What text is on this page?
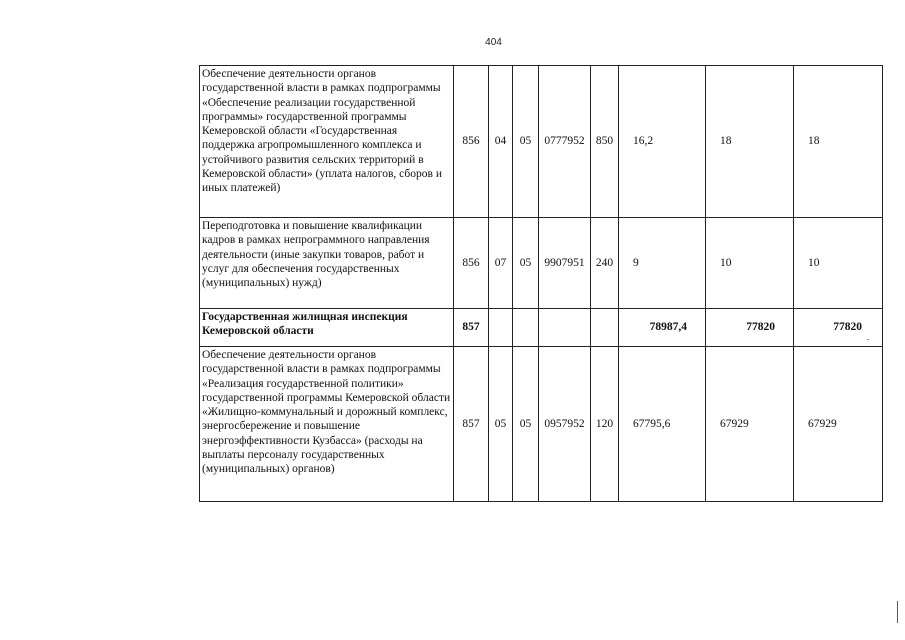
404
Обеспечение деятельности органов государственной власти в рамках подпрограммы «Обеспечение реализации государственной программы» государственной программы Кемеровской области «Государственная поддержка агропромышленного комплекса и устойчивого развития сельских территорий в Кемеровской области» (уплата налогов, сборов и иных платежей)	856	04	05	0777952	850	16,2	18	18
Переподготовка и повышение квалификации кадров в рамках непрограммного направления деятельности (иные закупки товаров, работ и услуг для обеспечения государственных (муниципальных) нужд)	856	07	05	9907951	240	9	10	10
Государственная жилищная инспекция Кемеровской области	857					78987,4	77820	77820
.

Обеспечение деятельности органов государственной власти в рамках подпрограммы «Реализация государственной политики» государственной программы Кемеровской области «Жилищно-коммунальный и дорожный комплекс, энергосбережение и повышение энергоэффективности Кузбасса» (расходы на выплаты персоналу государственных (муниципальных) органов)	857	05	05	0957952	120	67795,6	67929	67929
